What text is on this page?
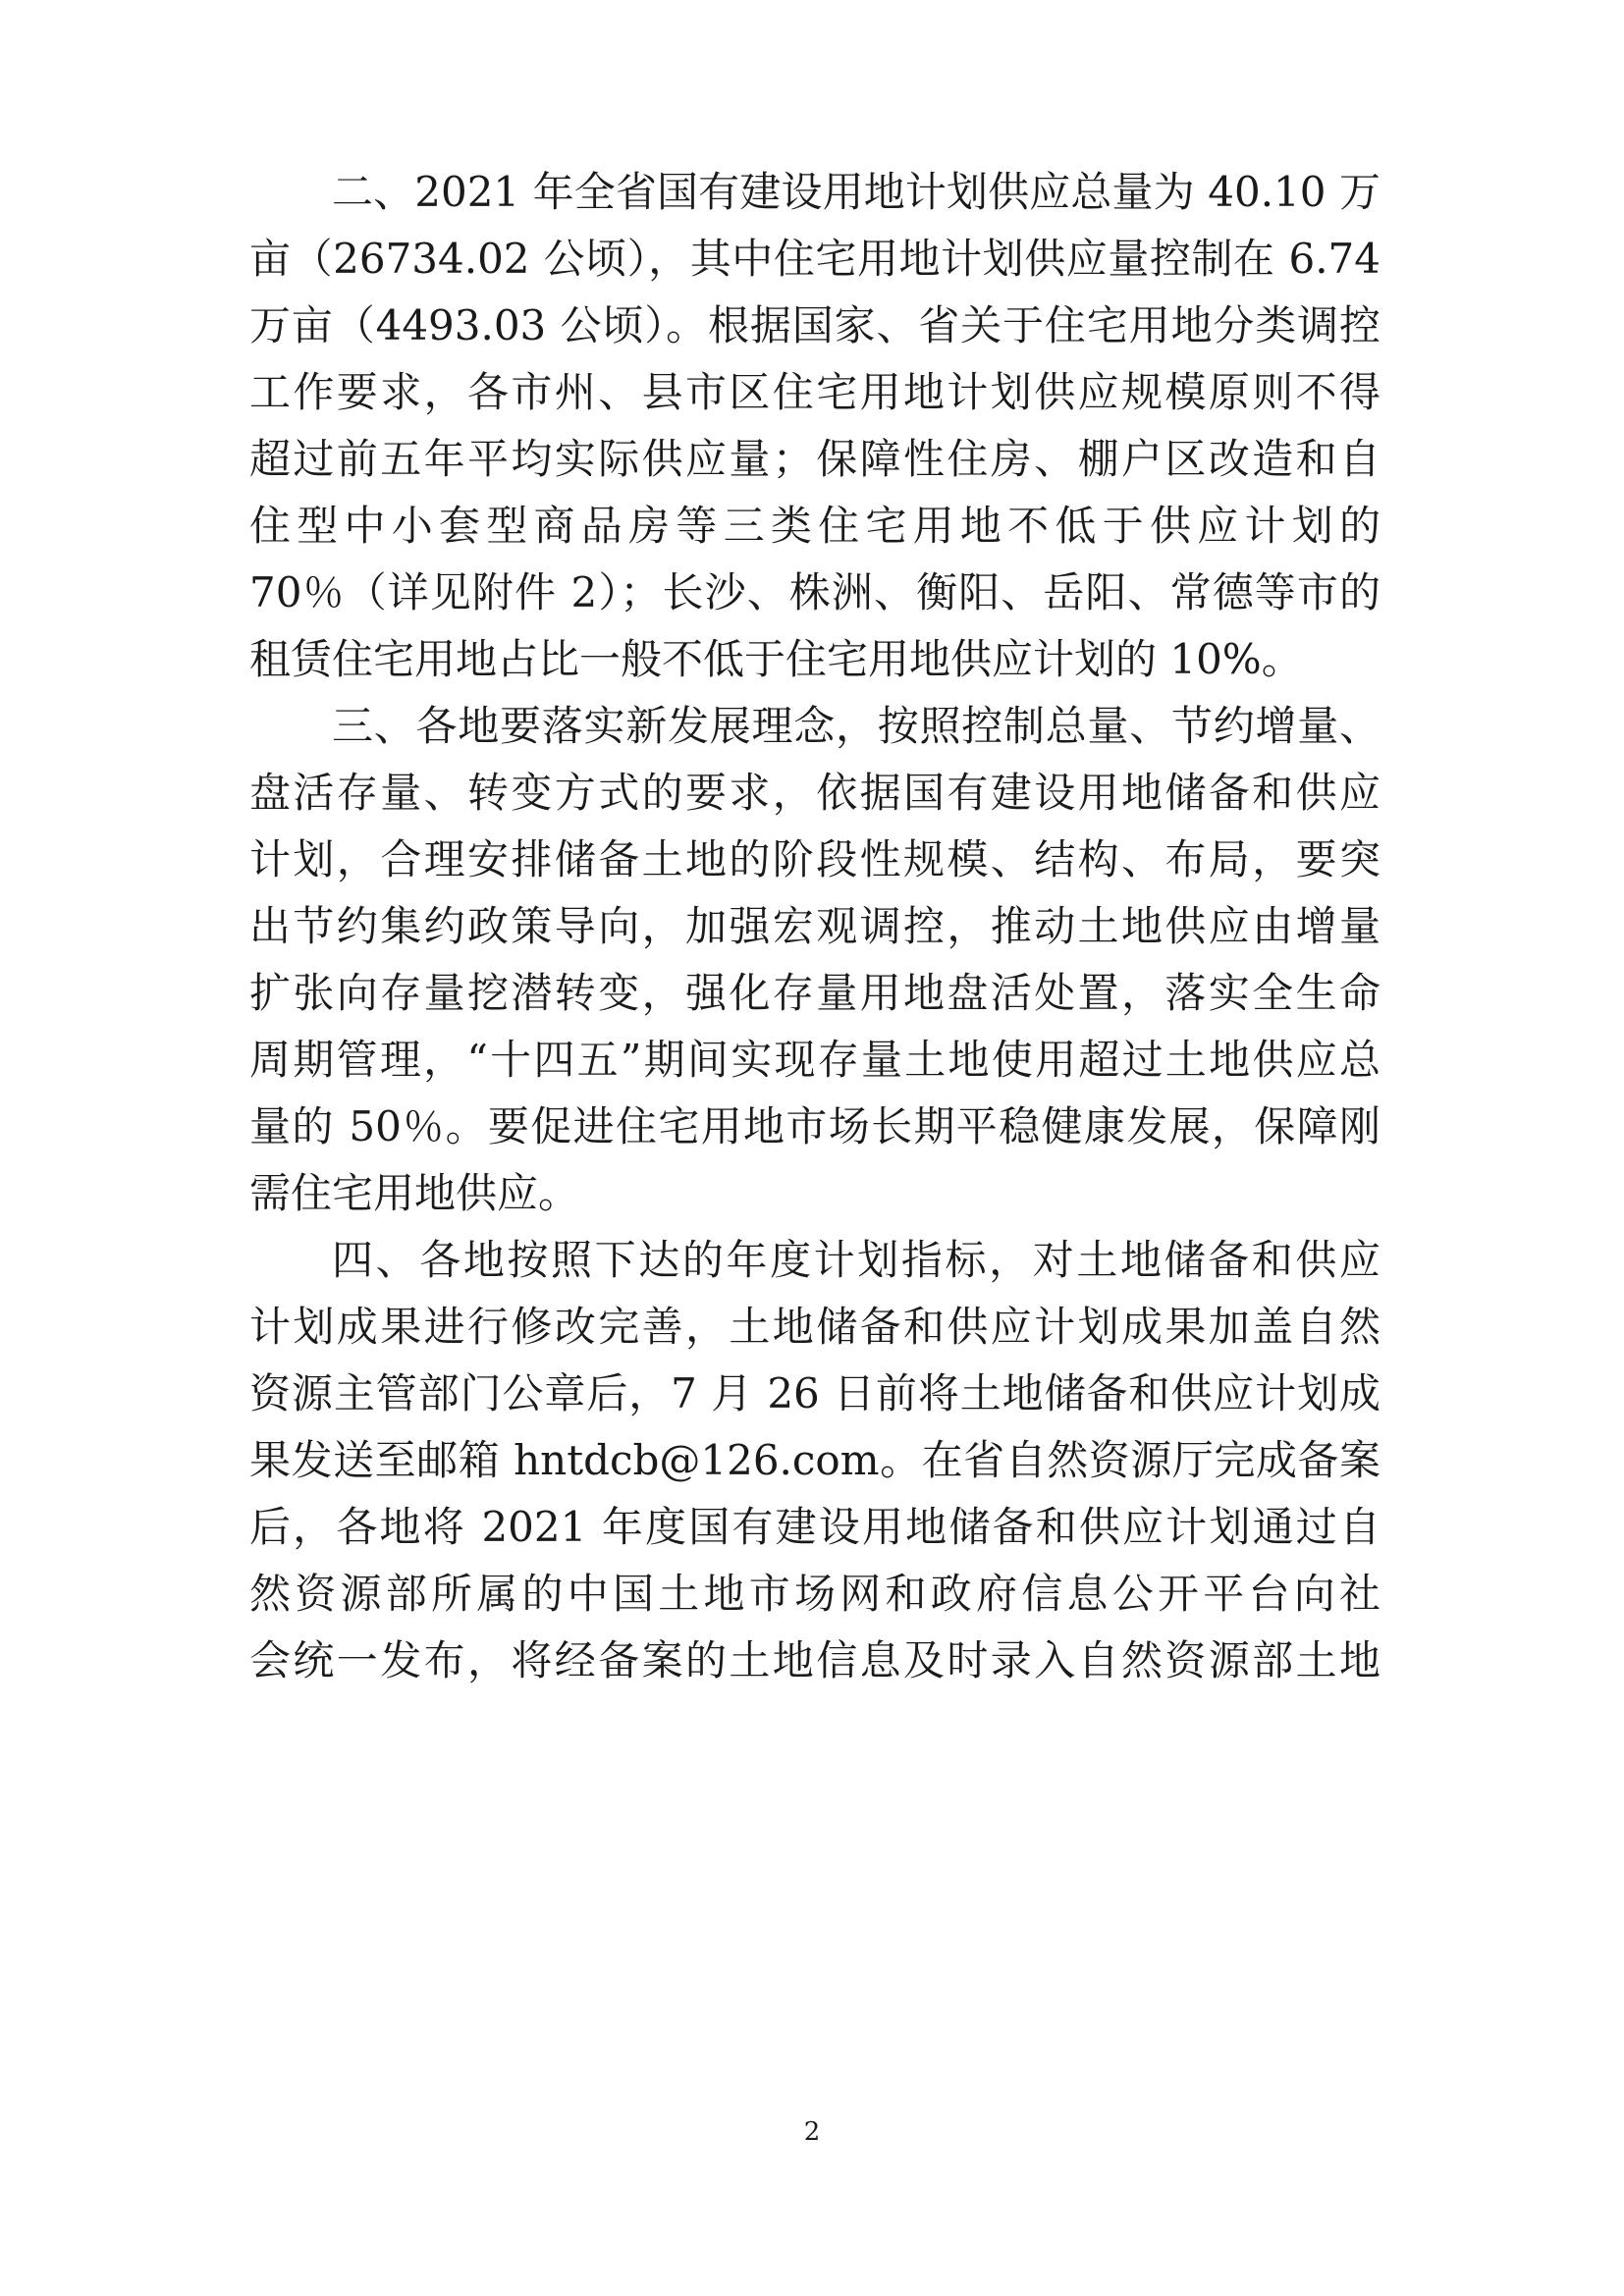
二、2021 年全省国有建设用地计划供应总量为 40.10 万
亩（26734.02 公顷），其中住宅用地计划供应量控制在 6.74
万亩（4493.03 公顷）。根据国家、省关于住宅用地分类调控
工作要求，各市州、县市区住宅用地计划供应规模原则不得
超过前五年平均实际供应量；保障性住房、棚户区改造和自
住型中小套型商品房等三类住宅用地不低于供应计划的
70％（详见附件 2）；长沙、株洲、衡阳、岳阳、常德等市的
租赁住宅用地占比一般不低于住宅用地供应计划的 10%。
三、各地要落实新发展理念，按照控制总量、节约增量、
盘活存量、转变方式的要求，依据国有建设用地储备和供应
计划，合理安排储备土地的阶段性规模、结构、布局，要突
出节约集约政策导向，加强宏观调控，推动土地供应由增量
扩张向存量挖潜转变，强化存量用地盘活处置，落实全生命
周期管理，“十四五”期间实现存量土地使用超过土地供应总
量的 50％。要促进住宅用地市场长期平稳健康发展，保障刚
需住宅用地供应。
四、各地按照下达的年度计划指标，对土地储备和供应
计划成果进行修改完善，土地储备和供应计划成果加盖自然
资源主管部门公章后，7 月 26 日前将土地储备和供应计划成
果发送至邮箱 hntdcb@126.com。在省自然资源厅完成备案
后，各地将 2021 年度国有建设用地储备和供应计划通过自
然资源部所属的中国土地市场网和政府信息公开平台向社
会统一发布，将经备案的土地信息及时录入自然资源部土地
2
